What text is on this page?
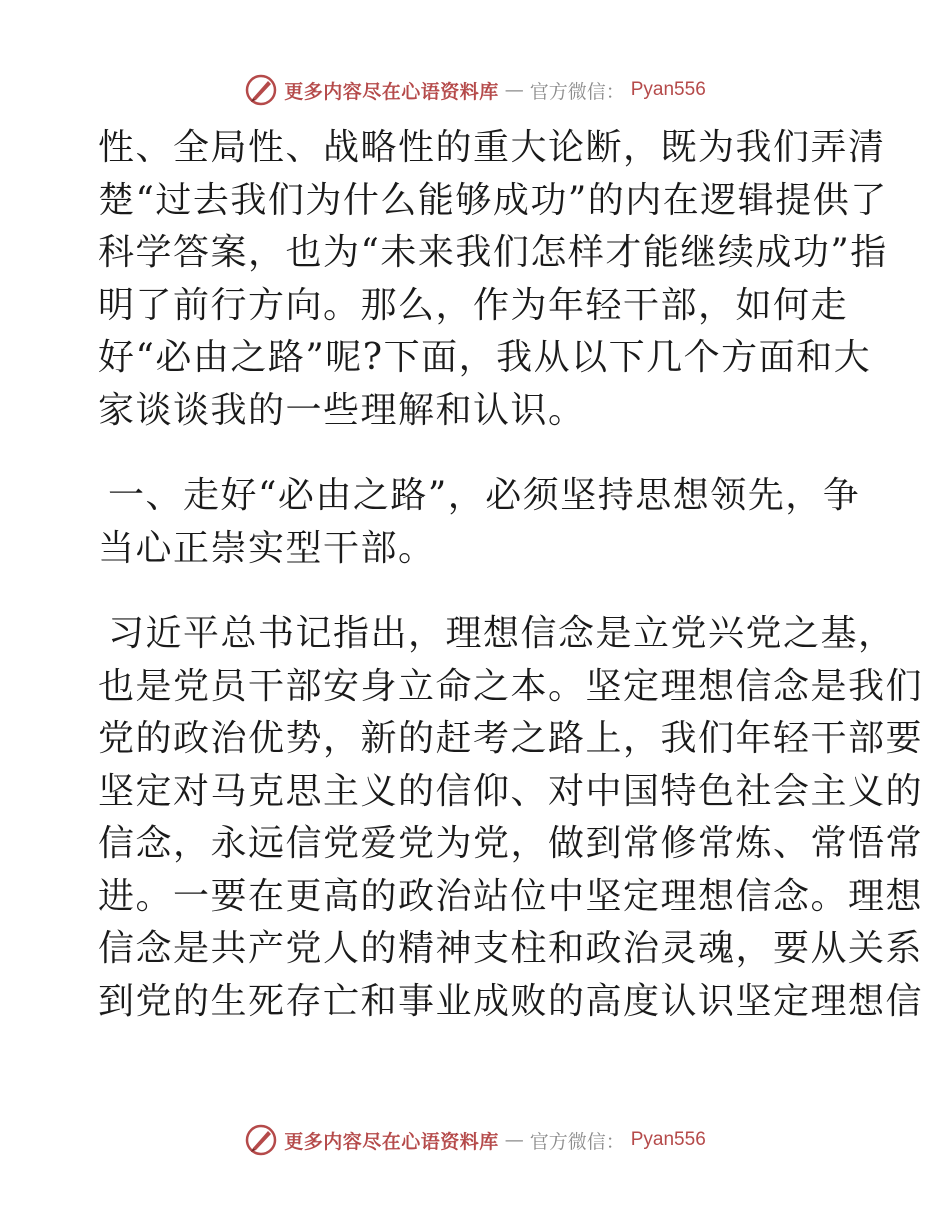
更多内容尽在心语资料库 — 官方微信： Pyan556
性、全局性、战略性的重大论断，既为我们弄清
楚“过去我们为什么能够成功”的内在逻辑提供了
科学答案，也为“未来我们怎样才能继续成功”指
明了前行方向。那么，作为年轻干部，如何走
好“必由之路”呢?下面，我从以下几个方面和大
家谈谈我的一些理解和认识。
一、走好“必由之路”，必须坚持思想领先，争
当心正崇实型干部。
习近平总书记指出，理想信念是立党兴党之基，
也是党员干部安身立命之本。坚定理想信念是我们
党的政治优势，新的赶考之路上，我们年轻干部要
坚定对马克思主义的信仰、对中国特色社会主义的
信念，永远信党爱党为党，做到常修常炼、常悟常
进。一要在更高的政治站位中坚定理想信念。理想
信念是共产党人的精神支柱和政治灵魂，要从关系
到党的生死存亡和事业成败的高度认识坚定理想信
更多内容尽在心语资料库 — 官方微信： Pyan556
